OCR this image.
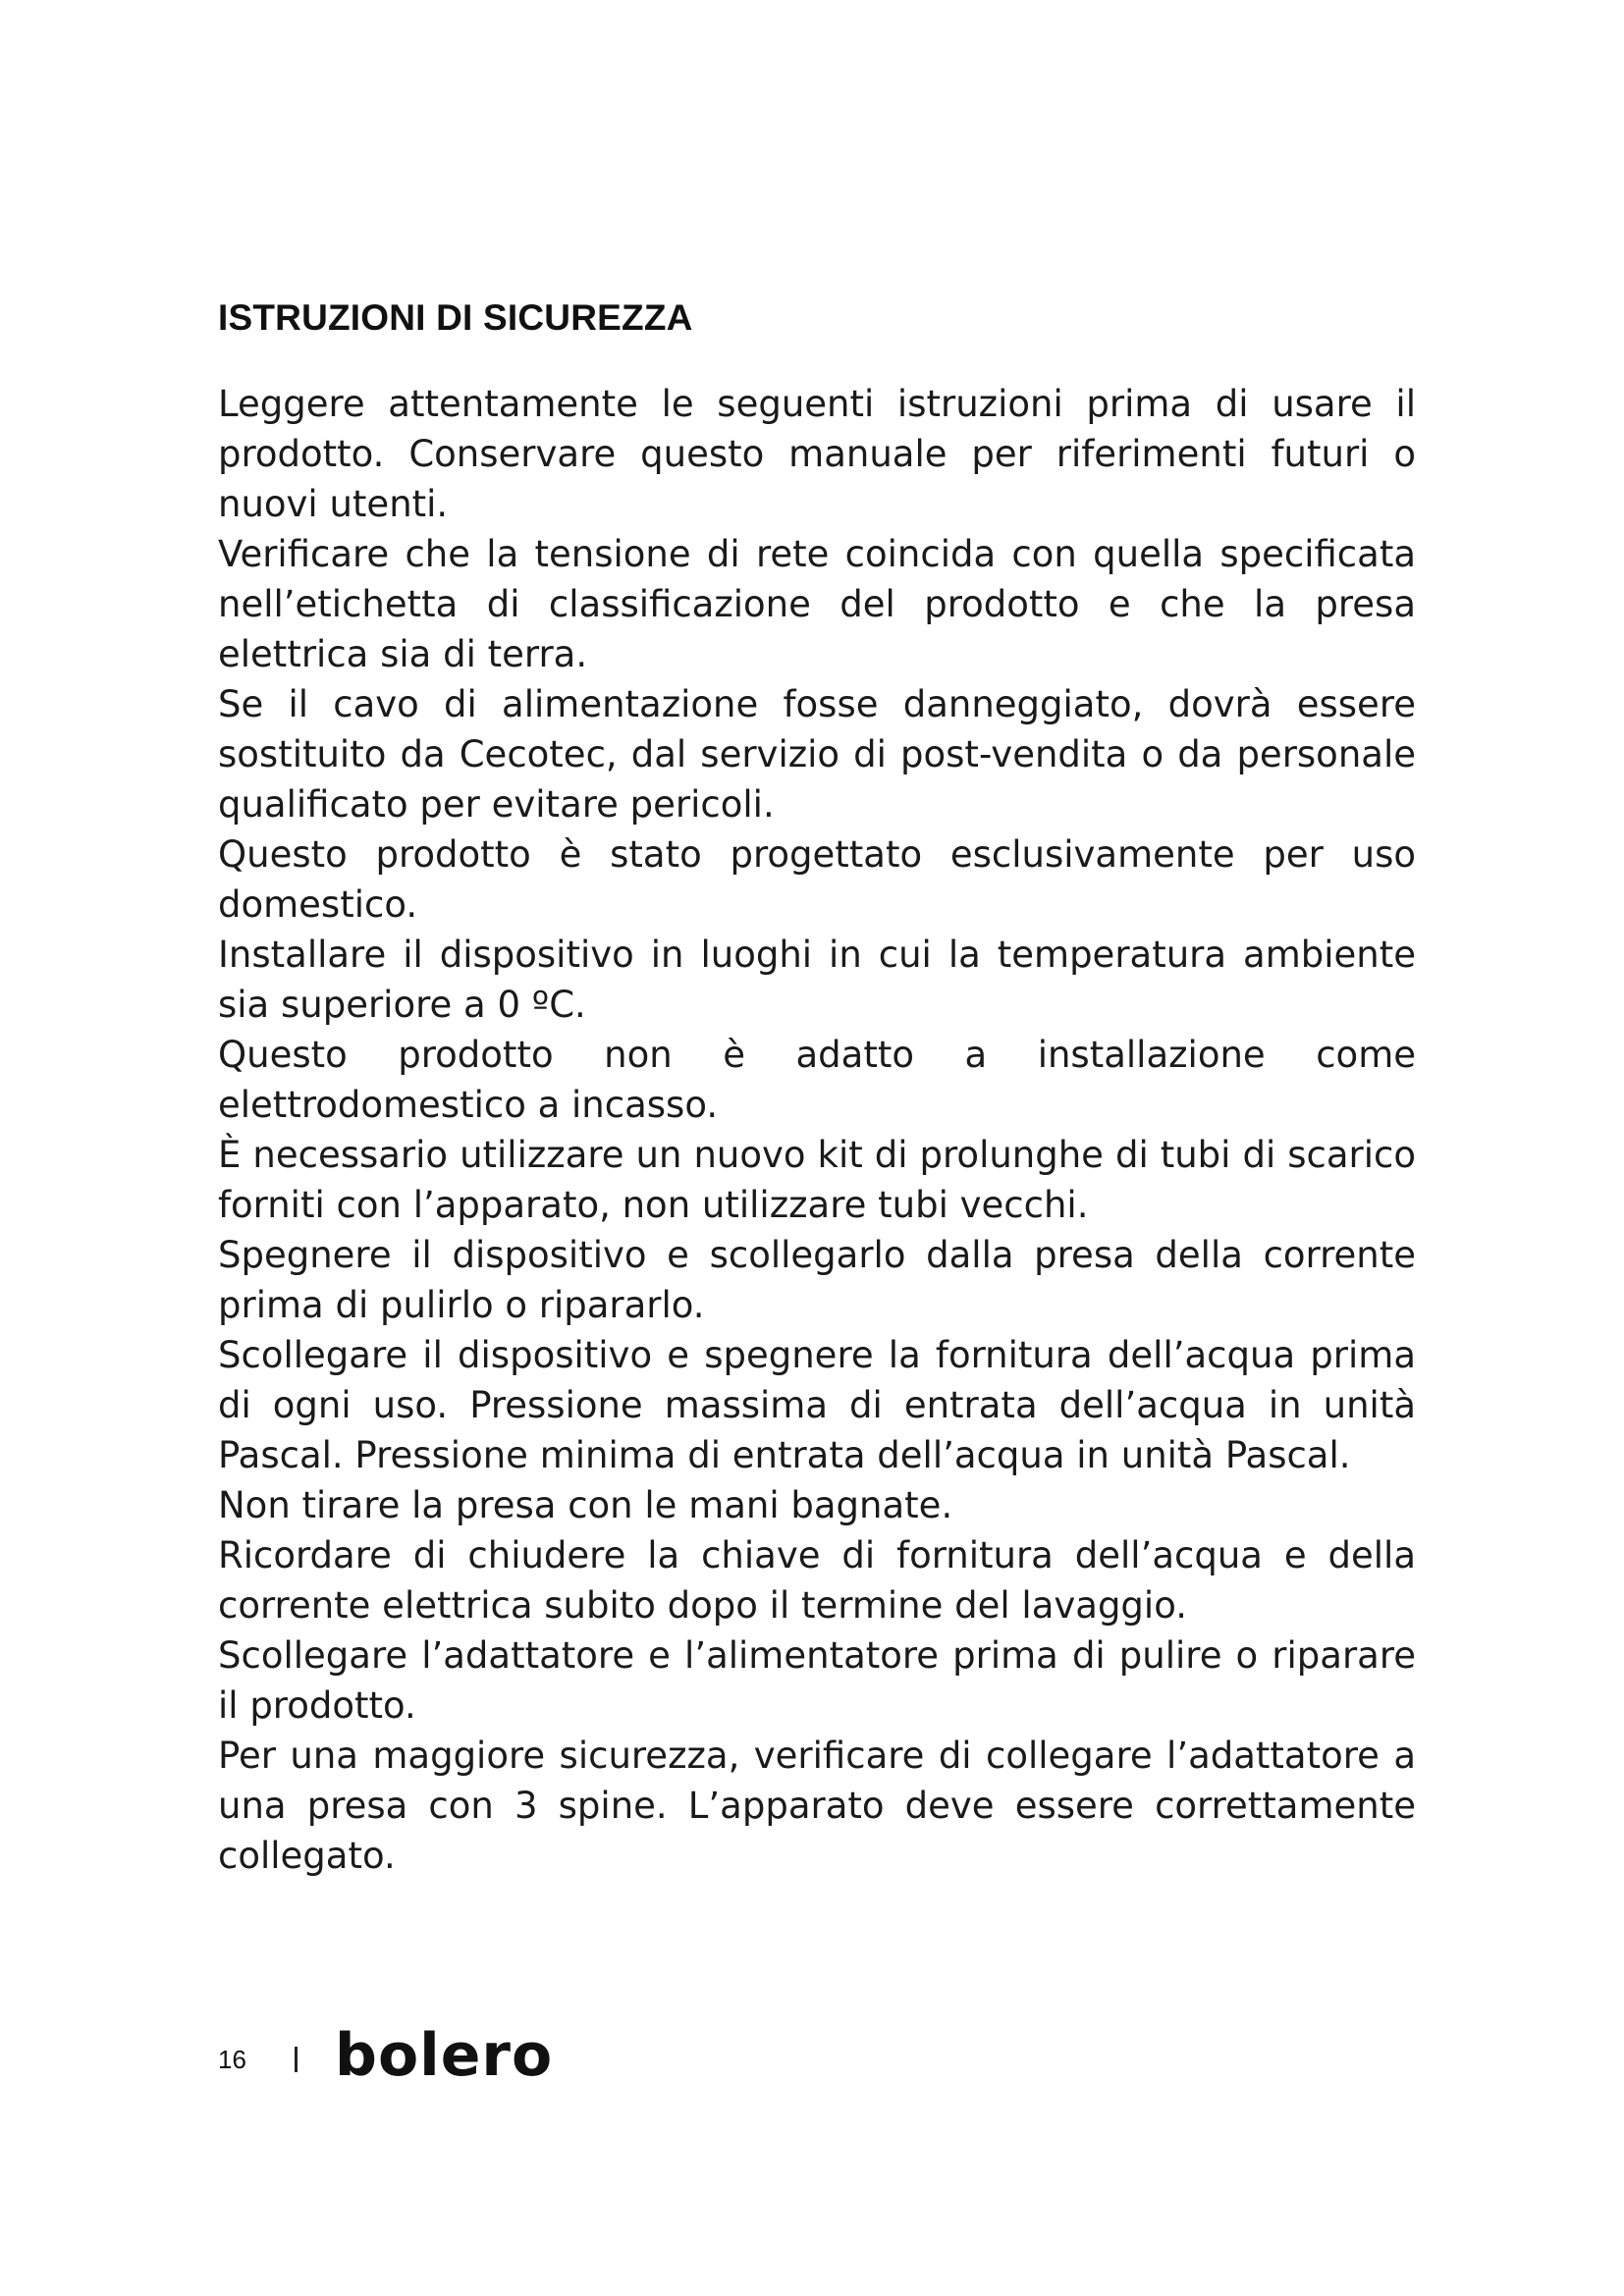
ISTRUZIONI DI SICUREZZA

Leggere attentamente le seguenti istruzioni prima di usare il prodotto. Conservare questo manuale per riferimenti futuri o nuovi utenti.

Verificare che la tensione di rete coincida con quella specificata nell’etichetta di classificazione del prodotto e che la presa elettrica sia di terra.

Se il cavo di alimentazione fosse danneggiato, dovrà essere sostituito da Cecotec, dal servizio di post-vendita o da personale qualificato per evitare pericoli.

Questo prodotto è stato progettato esclusivamente per uso domestico.

Installare il dispositivo in luoghi in cui la temperatura ambiente sia superiore a 0 ºC.

Questo prodotto non è adatto a installazione come elettrodomestico a incasso.

È necessario utilizzare un nuovo kit di prolunghe di tubi di scarico forniti con l’apparato, non utilizzare tubi vecchi.

Spegnere il dispositivo e scollegarlo dalla presa della corrente prima di pulirlo o ripararlo.

Scollegare il dispositivo e spegnere la fornitura dell’acqua prima di ogni uso. Pressione massima di entrata dell’acqua in unità Pascal. Pressione minima di entrata dell’acqua in unità Pascal.

Non tirare la presa con le mani bagnate.

Ricordare di chiudere la chiave di fornitura dell’acqua e della corrente elettrica subito dopo il termine del lavaggio.

Scollegare l’adattatore e l’alimentatore prima di pulire o riparare il prodotto.

Per una maggiore sicurezza, verificare di collegare l’adattatore a una presa con 3 spine. L’apparato deve essere correttamente collegato.

16 bolero
